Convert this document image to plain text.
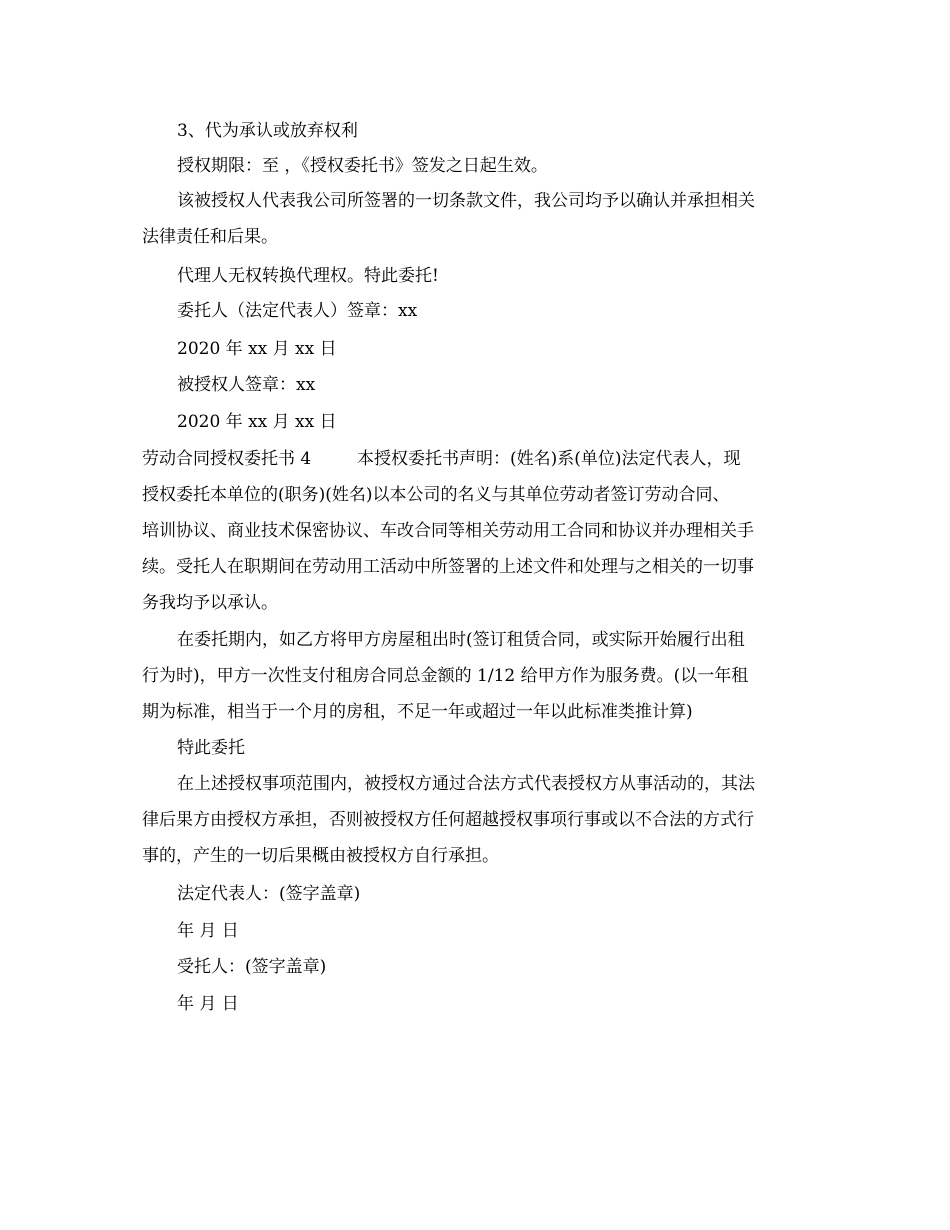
3、代为承认或放弃权利
授权期限：至 ，《授权委托书》签发之日起生效。
该被授权人代表我公司所签署的一切条款文件，我公司均予以确认并承担相关
法律责任和后果。
代理人无权转换代理权。特此委托!
委托人（法定代表人）签章：xx
2020 年 xx 月 xx 日
被授权人签章：xx
2020 年 xx 月 xx 日
劳动合同授权委托书 4	本授权委托书声明：(姓名)系(单位)法定代表人，现
授权委托本单位的(职务)(姓名)以本公司的名义与其单位劳动者签订劳动合同、
培训协议、商业技术保密协议、车改合同等相关劳动用工合同和协议并办理相关手
续。受托人在职期间在劳动用工活动中所签署的上述文件和处理与之相关的一切事
务我均予以承认。
在委托期内，如乙方将甲方房屋租出时(签订租赁合同，或实际开始履行出租
行为时)，甲方一次性支付租房合同总金额的 1/12 给甲方作为服务费。(以一年租
期为标准，相当于一个月的房租，不足一年或超过一年以此标准类推计算)
特此委托
在上述授权事项范围内，被授权方通过合法方式代表授权方从事活动的，其法
律后果方由授权方承担，否则被授权方任何超越授权事项行事或以不合法的方式行
事的，产生的一切后果概由被授权方自行承担。
法定代表人：(签字盖章)
年 月 日
受托人：(签字盖章)
年 月 日
